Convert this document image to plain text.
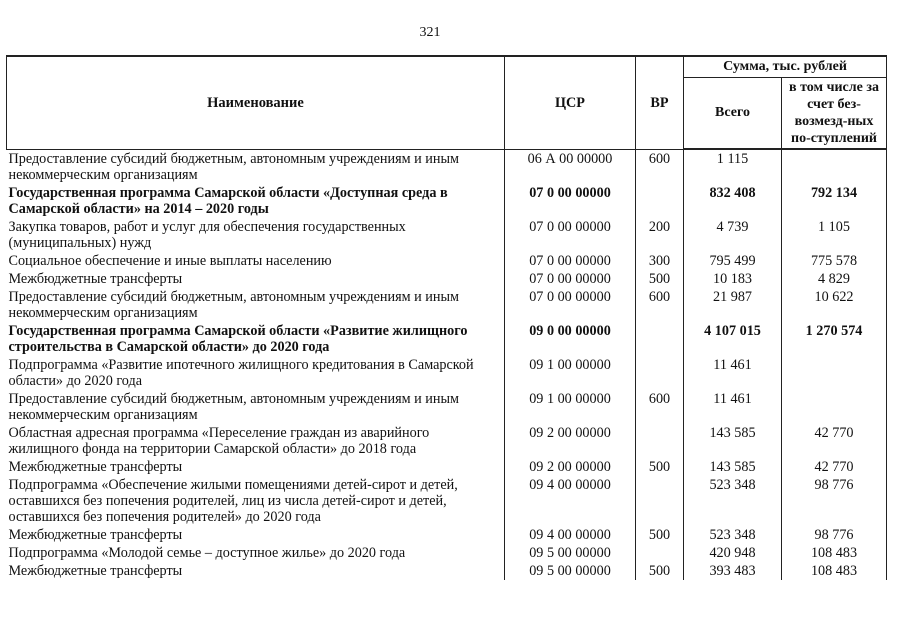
321
Наименование	ЦСР	ВР	Сумма, тыс. рублей	
			Всего	в том числе за счет без-возмезд-ных по-ступлений
Предоставление субсидий бюджетным, автономным учреждениям и иным некоммерческим организациям	06 А 00 00000	600	1 115	
Государственная программа Самарской области «Доступная среда в Самарской области» на 2014 – 2020 годы	07 0 00 00000		832 408	792 134
Закупка товаров, работ и услуг для обеспечения государственных (муниципальных) нужд	07 0 00 00000	200	4 739	1 105
Социальное обеспечение и иные выплаты населению	07 0 00 00000	300	795 499	775 578
Межбюджетные трансферты	07 0 00 00000	500	10 183	4 829
Предоставление субсидий бюджетным, автономным учреждениям и иным некоммерческим организациям	07 0 00 00000	600	21 987	10 622
Государственная программа Самарской области «Развитие жилищного строительства в Самарской области» до 2020 года	09 0 00 00000		4 107 015	1 270 574
Подпрограмма «Развитие ипотечного жилищного кредитования в Самарской области» до 2020 года	09 1 00 00000		11 461	
Предоставление субсидий бюджетным, автономным учреждениям и иным некоммерческим организациям	09 1 00 00000	600	11 461	
Областная адресная программа «Переселение граждан из аварийного жилищного фонда на территории Самарской области» до 2018 года	09 2 00 00000		143 585	42 770
Межбюджетные трансферты	09 2 00 00000	500	143 585	42 770
Подпрограмма «Обеспечение жилыми помещениями детей-сирот и детей, оставшихся без попечения родителей, лиц из числа детей-сирот и детей, оставшихся без попечения родителей» до 2020 года	09 4 00 00000		523 348	98 776
Межбюджетные трансферты	09 4 00 00000	500	523 348	98 776
Подпрограмма «Молодой семье – доступное жилье» до 2020 года	09 5 00 00000		420 948	108 483
Межбюджетные трансферты	09 5 00 00000	500	393 483	108 483
